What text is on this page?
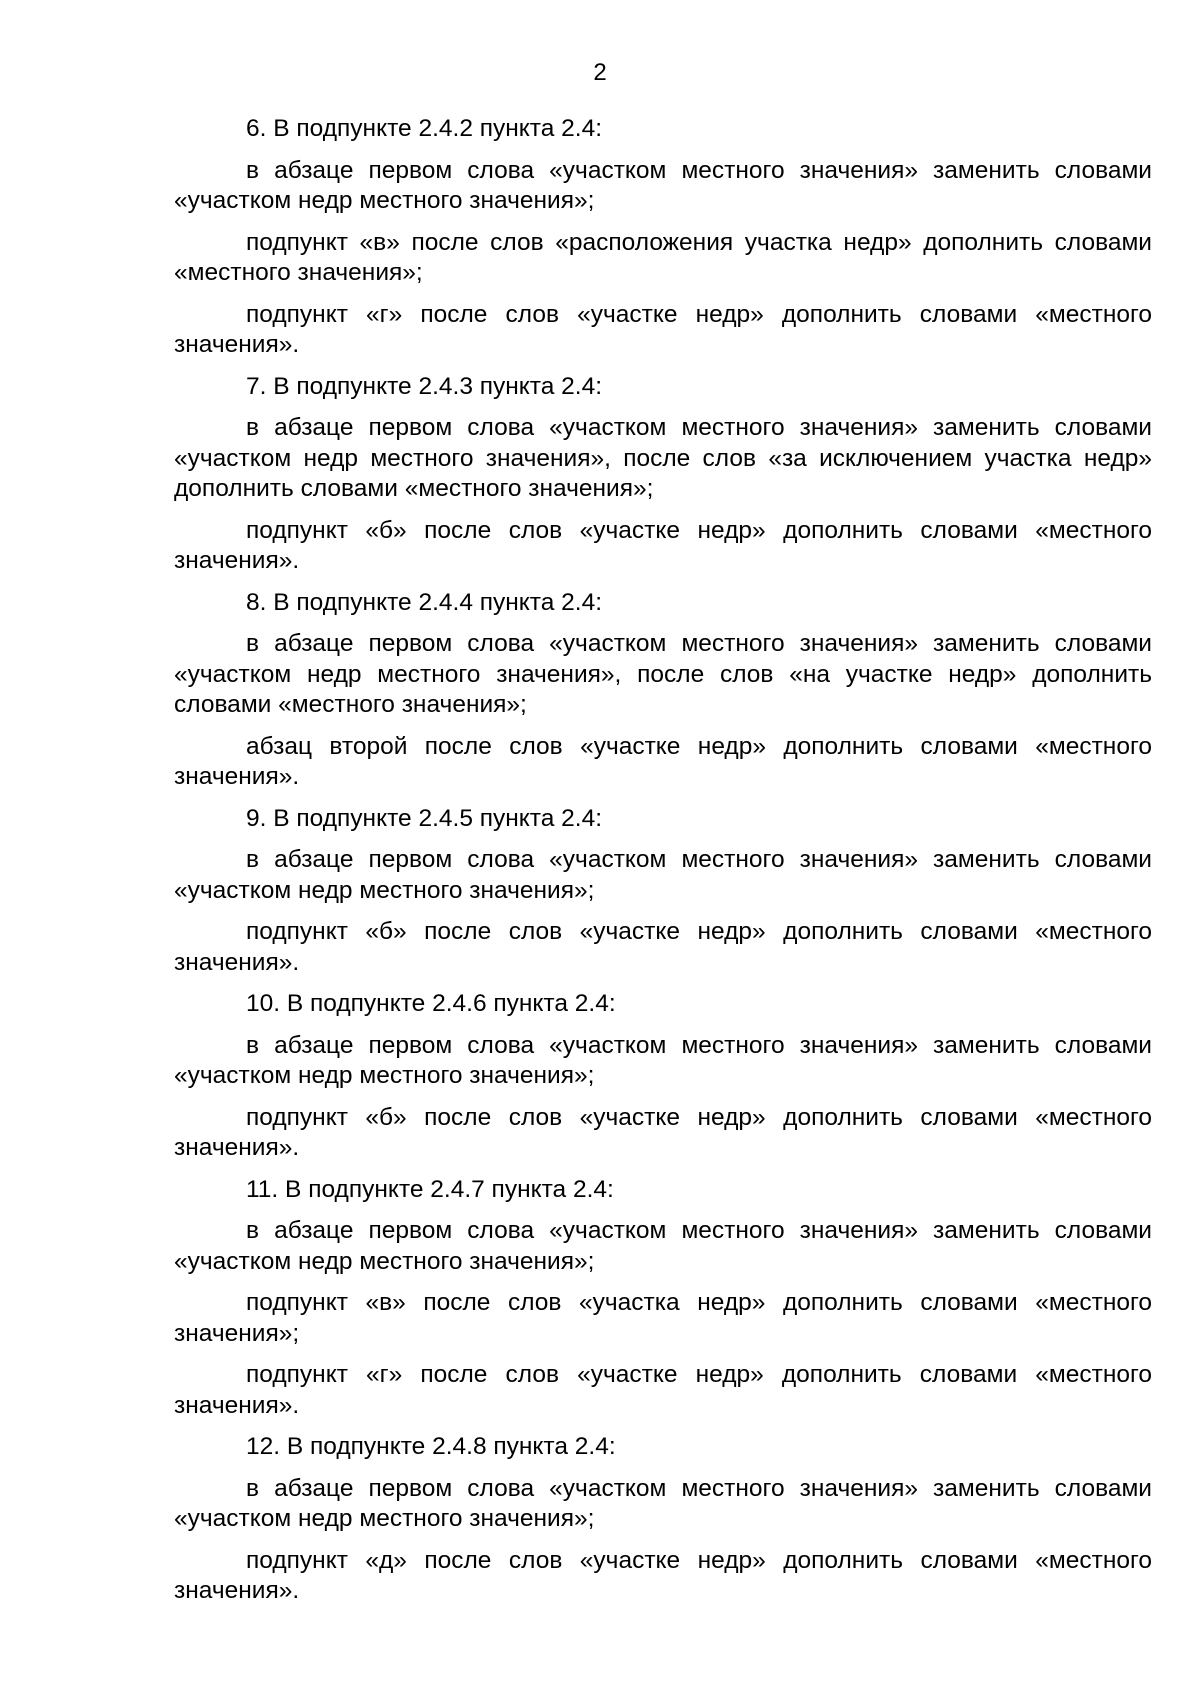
2

6. В подпункте 2.4.2 пункта 2.4:

в абзаце первом слова «участком местного значения» заменить словами «участком недр местного значения»;

подпункт «в» после слов «расположения участка недр» дополнить словами «местного значения»;

подпункт «г» после слов «участке недр» дополнить словами «местного значения».

7. В подпункте 2.4.3 пункта 2.4:

в абзаце первом слова «участком местного значения» заменить словами «участком недр местного значения», после слов «за исключением участка недр» дополнить словами «местного значения»;

подпункт «б» после слов «участке недр» дополнить словами «местного значения».

8. В подпункте 2.4.4 пункта 2.4:

в абзаце первом слова «участком местного значения» заменить словами «участком недр местного значения», после слов «на участке недр» дополнить словами «местного значения»;

абзац второй после слов «участке недр» дополнить словами «местного значения».

9. В подпункте 2.4.5 пункта 2.4:

в абзаце первом слова «участком местного значения» заменить словами «участком недр местного значения»;

подпункт «б» после слов «участке недр» дополнить словами «местного значения».

10. В подпункте 2.4.6 пункта 2.4:

в абзаце первом слова «участком местного значения» заменить словами «участком недр местного значения»;

подпункт «б» после слов «участке недр» дополнить словами «местного значения».

11. В подпункте 2.4.7 пункта 2.4:

в абзаце первом слова «участком местного значения» заменить словами «участком недр местного значения»;

подпункт «в» после слов «участка недр» дополнить словами «местного значения»;

подпункт «г» после слов «участке недр» дополнить словами «местного значения».

12. В подпункте 2.4.8 пункта 2.4:

в абзаце первом слова «участком местного значения» заменить словами «участком недр местного значения»;

подпункт «д» после слов «участке недр» дополнить словами «местного значения».
